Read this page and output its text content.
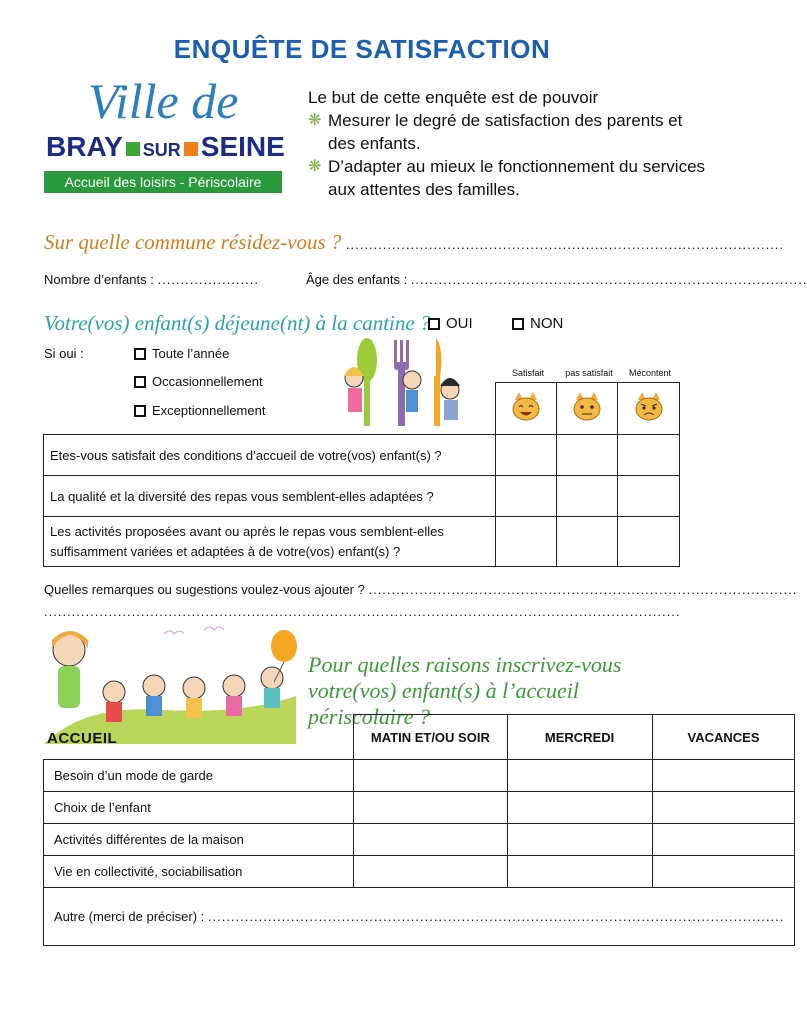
ENQUÊTE DE SATISFACTION
Ville de
BRAY SUR SEINE
Accueil des loisirs - Périscolaire
Le but de cette enquête est de pouvoir
❋ Mesurer le degré de satisfaction des parents et des enfants.
❋ D’adapter au mieux le fonctionnement du services aux attentes des familles.
Sur quelle commune résidez-vous ? ...............................................................................................
Nombre d’enfants : ......................	Âge des enfants : ......................................................................................
Votre(vos) enfant(s) déjeune(nt) à la cantine ?	OUI	NON
Si oui :	Toute l’année
Occasionnellement
Exceptionnellement
Satisfait	pas satisfait	Mécontent

Etes-vous satisfait des conditions d’accueil de votre(vos) enfant(s) ?			
La qualité et la diversité des repas vous semblent-elles adaptées ?			
Les activités proposées avant ou après le repas vous semblent-elles suffisamment variées et adaptées à de votre(vos) enfant(s) ?			
Quelles remarques ou sugestions voulez-vous ajouter ? .............................................................................................
..........................................................................................................................................
ACCUEIL
Pour quelles raisons inscrivez-vous votre(vos) enfant(s) à l’accueil périscolaire ?
	MATIN ET/OU SOIR	MERCREDI	VACANCES
Besoin d’un mode de garde			
Choix de l’enfant			
Activités différentes de la maison			
Vie en collectivité, sociabilisation			
Autre (merci de préciser) : .............................................................................................................................			
